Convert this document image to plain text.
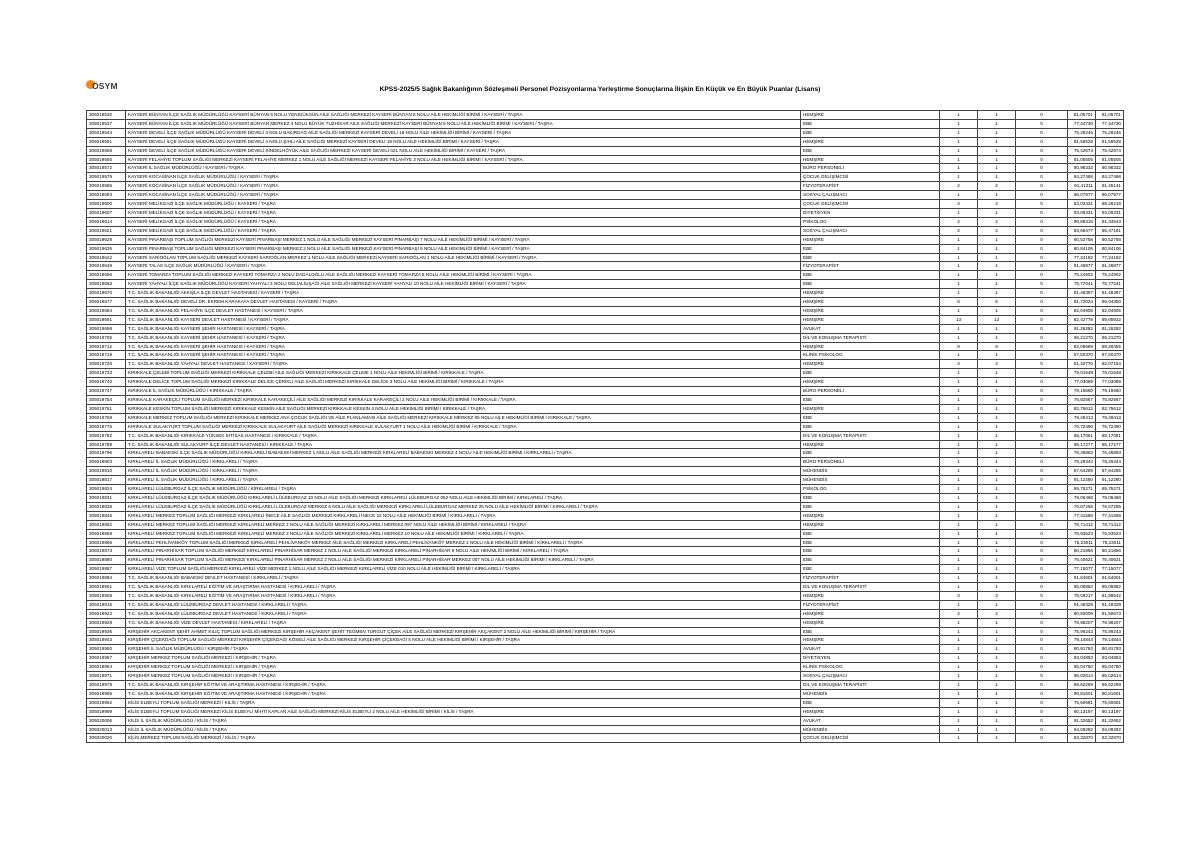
ÖSYM	KPSS-2025/5 Sağlık Bakanlığının Sözleşmeli Personel Pozisyonlarına Yerleştirme Sonuçlarına İlişkin En Küçük ve En Büyük Puanlar (Lisans)
305019530	KAYSERİ BÜNYAN İLÇE SAĞLIK MÜDÜRLÜĞÜ KAYSERİ BÜNYAN 5 NOLU YENİGÜKSÜN AİLE SAĞLIĞI MERKEZİ KAYSERİ BÜNYAN 8 NOLU AİLE HEKİMLİĞİ BİRİMİ / KAYSERİ / TAŞRA	HEMŞİRE	1	1	0	81,05701	81,05701
305019537	KAYSERİ BÜNYAN İLÇE SAĞLIK MÜDÜRLÜĞÜ KAYSERİ BÜNYAN MERKEZ 4 NOLU BÜYÜK TUZHİSAR AİLE SAĞLIĞI MERKEZİ KAYSERİ BÜNYAN 9 NOLU AİLE HEKİMLİĞİ BİRİMİ / KAYSERİ / TAŞRA	EBE	1	1	0	77,44730	77,44730
305019544	KAYSERİ DEVELİ İLÇE SAĞLIK MÜDÜRLÜĞÜ KAYSERİ DEVELİ 3 NOLU BAKIRDAĞ AİLE SAĞLIĞI MERKEZİ KAYSERİ DEVELİ 18 NOLU AİLE HEKİMLİĞİ BİRİMİ / KAYSERİ / TAŞRA	EBE	1	1	0	75,28246	75,28246
305019551	KAYSERİ DEVELİ İLÇE SAĞLIK MÜDÜRLÜĞÜ KAYSERİ DEVELİ 4 NOLU ŞIHLI AİLE SAĞLIĞI MERKEZİ KAYSERİ DEVELİ 19 NOLU AİLE HEKİMLİĞİ BİRİMİ / KAYSERİ / TAŞRA	HEMŞİRE	1	1	0	81,58528	81,58528
305019558	KAYSERİ DEVELİ İLÇE SAĞLIK MÜDÜRLÜĞÜ KAYSERİ DEVELİ SİNDELHÖYÜK AİLE SAĞLIĞI MERKEZİ KAYSERİ DEVELİ 021 NOLU AİLE HEKİMLİĞİ BİRİMİ / KAYSERİ / TAŞRA	EBE	1	1	0	75,42674	75,42674
305019565	KAYSERİ FELAHİYE TOPLUM SAĞLIĞI MERKEZİ KAYSERİ FELAHİYE MERKEZ 1 NOLU AİLE SAĞLIĞI MERKEZİ KAYSERİ FELAHİYE 3 NOLU AİLE HEKİMLİĞİ BİRİMİ / KAYSERİ / TAŞRA	HEMŞİRE	1	1	0	81,05505	81,05505
305019572	KAYSERİ İL SAĞLIK MÜDÜRLÜĞÜ / KAYSERİ / TAŞRA	BÜRO PERSONELİ	1	1	0	80,98332	80,98332
305019579	KAYSERİ KOCASİNAN İLÇE SAĞLIK MÜDÜRLÜĞÜ / KAYSERİ / TAŞRA	ÇOCUK GELİŞİMCİSİ	1	1	0	84,27468	84,27468
305019586	KAYSERİ KOCASİNAN İLÇE SAĞLIK MÜDÜRLÜĞÜ / KAYSERİ / TAŞRA	FİZYOTERAPİST	2	2	0	91,41311	91,45141
305019593	KAYSERİ KOCASİNAN İLÇE SAĞLIK MÜDÜRLÜĞÜ / KAYSERİ / TAŞRA	SOSYAL ÇALIŞMACI	1	1	0	86,07977	86,07977
305019600	KAYSERİ MELİKGAZİ İLÇE SAĞLIK MÜDÜRLÜĞÜ / KAYSERİ / TAŞRA	ÇOCUK GELİŞİMCİSİ	4	4	0	83,03431	88,26218
305019607	KAYSERİ MELİKGAZİ İLÇE SAĞLIK MÜDÜRLÜĞÜ / KAYSERİ / TAŞRA	DİYETİSYEN	1	1	0	93,09331	93,09331
305019614	KAYSERİ MELİKGAZİ İLÇE SAĞLIK MÜDÜRLÜĞÜ / KAYSERİ / TAŞRA	PSİKOLOG	2	2	0	90,88315	91,34543
305019621	KAYSERİ MELİKGAZİ İLÇE SAĞLIK MÜDÜRLÜĞÜ / KAYSERİ / TAŞRA	SOSYAL ÇALIŞMACI	2	2	0	83,66477	86,47181
305019628	KAYSERİ PINARBAŞI TOPLUM SAĞLIĞI MERKEZİ KAYSERİ PINARBAŞI MERKEZ 1 NOLU AİLE SAĞLIĞI MERKEZİ KAYSERİ PINARBAŞI 7 NOLU AİLE HEKİMLİĞİ BİRİMİ / KAYSERİ / TAŞRA	HEMŞİRE	1	1	0	80,52758	80,52758
305019635	KAYSERİ PINARBAŞI TOPLUM SAĞLIĞI MERKEZİ KAYSERİ PINARBAŞI MERKEZ 2 NOLU AİLE SAĞLIĞI MERKEZİ KAYSERİ PINARBAŞI 9 NOLU AİLE HEKİMLİĞİ BİRİMİ / KAYSERİ / TAŞRA	EBE	1	1	0	80,84106	80,84106
305019642	KAYSERİ SARIOĞLAN TOPLUM SAĞLIĞI MERKEZİ KAYSERİ SARIOĞLAN MERKEZ 1 NOLU AİLE SAĞLIĞI MERKEZİ KAYSERİ SARIOĞLAN 1 NOLU AİLE HEKİMLİĞİ BİRİMİ / KAYSERİ / TAŞRA	EBE	1	1	0	77,24182	77,24182
305019649	KAYSERİ TALAS İLÇE SAĞLIK MÜDÜRLÜĞÜ / KAYSERİ / TAŞRA	FİZYOTERAPİST	1	1	0	91,46877	91,46877
305019656	KAYSERİ TOMARZA TOPLUM SAĞLIĞI MERKEZİ KAYSERİ TOMARZA 2 NOLU DADALOĞLU AİLE SAĞLIĞI MERKEZİ KAYSERİ TOMARZA 8 NOLU AİLE HEKİMLİĞİ BİRİMİ / KAYSERİ / TAŞRA	EBE	1	1	0	75,24902	75,24902
305019663	KAYSERİ YAHYALI İLÇE SAĞLIK MÜDÜRLÜĞÜ KAYSERİ YAHYALI 3 NOLU DELİALİUŞAĞI AİLE SAĞLIĞI MERKEZİ KAYSERİ YAHYALI 10 NOLU AİLE HEKİMLİĞİ BİRİMİ / KAYSERİ / TAŞRA	EBE	1	1	0	75,77041	75,77041
305019670	T.C. SAĞLIK BAKANLIĞI AKKIŞLA İLÇE DEVLET HASTANESİ / KAYSERİ / TAŞRA	HEMŞİRE	1	1	0	81,46397	81,46397
305019677	T.C. SAĞLIK BAKANLIĞI DEVELİ DR. EKREM KARAKAYA DEVLET HASTANESİ / KAYSERİ / TAŞRA	HEMŞİRE	5	5	0	81,72024	86,04350
305019684	T.C. SAĞLIK BAKANLIĞI FELAHİYE İLÇE DEVLET HASTANESİ / KAYSERİ / TAŞRA	HEMŞİRE	1	1	0	82,04905	82,04905
305019691	T.C. SAĞLIK BAKANLIĞI KAYSERİ DEVLET HASTANESİ / KAYSERİ / TAŞRA	HEMŞİRE	13	13	0	82,42778	89,65922
305019698	T.C. SAĞLIK BAKANLIĞI KAYSERİ ŞEHİR HASTANESİ / KAYSERİ / TAŞRA	AVUKAT	1	1	0	91,26282	91,26282
305019705	T.C. SAĞLIK BAKANLIĞI KAYSERİ ŞEHİR HASTANESİ / KAYSERİ / TAŞRA	DİL VE KONUŞMA TERAPİSTİ	1	1	0	86,21270	86,21270
305019712	T.C. SAĞLIK BAKANLIĞI KAYSERİ ŞEHİR HASTANESİ / KAYSERİ / TAŞRA	HEMŞİRE	8	8	0	82,08688	89,28455
305019719	T.C. SAĞLIK BAKANLIĞI KAYSERİ ŞEHİR HASTANESİ / KAYSERİ / TAŞRA	KLİNİK PSİKOLOG	1	1	0	87,50370	87,50370
305019726	T.C. SAĞLIK BAKANLIĞI YAHYALI DEVLET HASTANESİ / KAYSERİ / TAŞRA	HEMŞİRE	4	4	0	81,42770	82,07154
305019733	KIRIKKALE ÇELEBİ TOPLUM SAĞLIĞI MERKEZİ KIRIKKALE ÇELEBİ AİLE SAĞLIĞI MERKEZİ KIRIKKALE ÇELEBİ 1 NOLU AİLE HEKİMLİĞİ BİRİMİ / KIRIKKALE / TAŞRA	EBE	1	1	0	79,01548	79,01548
305019740	KIRIKKALE DELİCE TOPLUM SAĞLIĞI MERKEZİ KIRIKKALE DELİCE ÇERİKLİ AİLE SAĞLIĞI MERKEZİ KIRIKKALE DELİCE 3 NOLU AİLE HEKİMLİĞİ BİRİMİ / KIRIKKALE / TAŞRA	HEMŞİRE	1	1	0	77,03089	77,03089
305019747	KIRIKKALE İL SAĞLIK MÜDÜRLÜĞÜ / KIRIKKALE / TAŞRA	BÜRO PERSONELİ	1	1	0	79,16660	79,16660
305019754	KIRIKKALE KARAKEÇİLİ TOPLUM SAĞLIĞI MERKEZİ KIRIKKALE KARAKEÇİLİ AİLE SAĞLIĞI MERKEZİ KIRIKKALE KARAKEÇİLİ 2 NOLU AİLE HEKİMLİĞİ BİRİMİ / KIRIKKALE / TAŞRA	EBE	1	1	0	76,82567	76,82567
305019761	KIRIKKALE KESKİN TOPLUM SAĞLIĞI MERKEZİ KIRIKKALE KESKİN AİLE SAĞLIĞI MERKEZİ KIRIKKALE KESKİN 4 NOLU AİLE HEKİMLİĞİ BİRİMİ / KIRIKKALE / TAŞRA	HEMŞİRE	1	1	0	82,75612	82,75612
305019768	KIRIKKALE MERKEZ TOPLUM SAĞLIĞI MERKEZİ KIRIKKALE MERKEZ ANA ÇOCUK SAĞLIĞI VE AİLE PLANLAMASI AİLE SAĞLIĞI MERKEZİ KIRIKKALE MERKEZ 65 NOLU AİLE HEKİMLİĞİ BİRİMİ / KIRIKKALE / TAŞRA	EBE	1	1	0	79,49413	79,49413
305019775	KIRIKKALE SULAKYURT TOPLUM SAĞLIĞI MERKEZİ KIRIKKALE SULAKYURT AİLE SAĞLIĞI MERKEZİ KIRIKKALE SULAKYURT 1 NOLU AİLE HEKİMLİĞİ BİRİMİ / KIRIKKALE / TAŞRA	EBE	1	1	0	76,72490	76,72490
305019782	T.C. SAĞLIK BAKANLIĞI KIRIKKALE YÜKSEK İHTİSAS HASTANESİ / KIRIKKALE / TAŞRA	DİL VE KONUŞMA TERAPİSTİ	1	1	0	85,17081	85,17081
305019789	T.C. SAĞLIK BAKANLIĞI SULAKYURT İLÇE DEVLET HASTANESİ / KIRIKKALE / TAŞRA	HEMŞİRE	1	1	0	85,17277	85,17277
305019796	KIRKLARELİ BABAESKİ İLÇE SAĞLIK MÜDÜRLÜĞÜ KIRKLARELİ BABAESKİ MERKEZ 1 NOLU AİLE SAĞLIĞI MERKEZİ KIRKLARELİ BABAESKİ MERKEZ 4 NOLU AİLE HEKİMLİĞİ BİRİMİ / KIRKLARELİ / TAŞRA	EBE	1	1	0	76,46863	76,46863
305019803	KIRKLARELİ İL SAĞLIK MÜDÜRLÜĞÜ / KIRKLARELİ / TAŞRA	BÜRO PERSONELİ	1	1	0	78,29344	78,29344
305019810	KIRKLARELİ İL SAĞLIK MÜDÜRLÜĞÜ / KIRKLARELİ / TAŞRA	MÜHENDİS	1	1	0	87,64265	87,64265
305019817	KIRKLARELİ İL SAĞLIK MÜDÜRLÜĞÜ / KIRKLARELİ / TAŞRA	MÜHENDİS	1	1	0	91,12280	91,12280
305019824	KIRKLARELİ LÜLEBURGAZ İLÇE SAĞLIK MÜDÜRLÜĞÜ / KIRKLARELİ / TAŞRA	PSİKOLOG	1	1	0	89,75271	89,75271
305019831	KIRKLARELİ LÜLEBURGAZ İLÇE SAĞLIK MÜDÜRLÜĞÜ KIRKLARELİ LÜLEBURGAZ 10 NOLU AİLE SAĞLIĞI MERKEZİ KIRKLARELİ LÜLEBURGAZ 052 NOLU AİLE HEKİMLİĞİ BİRİMİ / KIRKLARELİ / TAŞRA	EBE	1	1	0	79,06468	79,06468
305019838	KIRKLARELİ LÜLEBURGAZ İLÇE SAĞLIK MÜDÜRLÜĞÜ KIRKLARELİ LÜLEBURGAZ MERKEZ 6 NOLU AİLE SAĞLIĞI MERKEZİ KIRKLARELİ LÜLEBURGAZ MERKEZ 25 NOLU AİLE HEKİMLİĞİ BİRİMİ / KIRKLARELİ / TAŞRA	EBE	1	1	0	76,67255	76,67255
305019845	KIRKLARELİ MERKEZ TOPLUM SAĞLIĞI MERKEZİ KIRKLARELİ İNECE AİLE SAĞLIĞI MERKEZİ KIRKLARELİ İNECE 22 NOLU AİLE HEKİMLİĞİ BİRİMİ / KIRKLARELİ / TAŞRA	HEMŞİRE	1	1	0	77,41589	77,41589
305019852	KIRKLARELİ MERKEZ TOPLUM SAĞLIĞI MERKEZİ KIRKLARELİ MERKEZ 2 NOLU AİLE SAĞLIĞI MERKEZİ KIRKLARELİ MERKEZ 097 NOLU AİLE HEKİMLİĞİ BİRİMİ / KIRKLARELİ / TAŞRA	HEMŞİRE	1	1	0	78,71412	78,71412
305019859	KIRKLARELİ MERKEZ TOPLUM SAĞLIĞI MERKEZİ KIRKLARELİ MERKEZ 2 NOLU AİLE SAĞLIĞI MERKEZİ KIRKLARELİ MERKEZ 10 NOLU AİLE HEKİMLİĞİ BİRİMİ / KIRKLARELİ / TAŞRA	EBE	1	1	0	76,93523	76,93523
305019866	KIRKLARELİ PEHLİVANKÖY TOPLUM SAĞLIĞI MERKEZİ KIRKLARELİ PEHLİVANKÖY MERKEZ AİLE SAĞLIĞI MERKEZİ KIRKLARELİ PEHLİVANKÖY MERKEZ 1 NOLU AİLE HEKİMLİĞİ BİRİMİ / KIRKLARELİ / TAŞRA	EBE	1	1	0	75,23011	75,23011
305019873	KIRKLARELİ PINARHİSAR TOPLUM SAĞLIĞI MERKEZİ KIRKLARELİ PINARHİSAR MERKEZ 1 NOLU AİLE SAĞLIĞI MERKEZİ KIRKLARELİ PINARHİSAR 6 NOLU AİLE HEKİMLİĞİ BİRİMİ / KIRKLARELİ / TAŞRA	EBE	1	1	0	80,21856	80,21856
305019880	KIRKLARELİ PINARHİSAR TOPLUM SAĞLIĞI MERKEZİ KIRKLARELİ PINARHİSAR MERKEZ 2 NOLU AİLE SAĞLIĞI MERKEZİ KIRKLARELİ PINARHİSAR MERKEZ 007 NOLU AİLE HEKİMLİĞİ BİRİMİ / KIRKLARELİ / TAŞRA	EBE	1	1	0	76,40621	76,40621
305019887	KIRKLARELİ VİZE TOPLUM SAĞLIĞI MERKEZİ KIRKLARELİ VİZE MERKEZ 1 NOLU AİLE SAĞLIĞI MERKEZİ KIRKLARELİ VİZE 010 NOLU AİLE HEKİMLİĞİ BİRİMİ / KIRKLARELİ / TAŞRA	EBE	1	1	0	77,15077	77,15077
305019894	T.C. SAĞLIK BAKANLIĞI BABAESKİ DEVLET HASTANESİ / KIRKLARELİ / TAŞRA	FİZYOTERAPİST	1	1	0	91,64601	91,64601
305019901	T.C. SAĞLIK BAKANLIĞI KIRKLARELİ EĞİTİM VE ARAŞTIRMA HASTANESİ / KIRKLARELİ / TAŞRA	DİL VE KONUŞMA TERAPİSTİ	1	1	0	85,06882	85,06882
305019908	T.C. SAĞLIK BAKANLIĞI KIRKLARELİ EĞİTİM VE ARAŞTIRMA HASTANESİ / KIRKLARELİ / TAŞRA	HEMŞİRE	3	3	0	78,09217	81,99542
305019915	T.C. SAĞLIK BAKANLIĞI LÜLEBURGAZ DEVLET HASTANESİ / KIRKLARELİ / TAŞRA	FİZYOTERAPİST	1	1	0	91,49329	91,49329
305019922	T.C. SAĞLIK BAKANLIĞI LÜLEBURGAZ DEVLET HASTANESİ / KIRKLARELİ / TAŞRA	HEMŞİRE	2	2	0	80,92009	81,50673
305019929	T.C. SAĞLIK BAKANLIĞI VİZE DEVLET HASTANESİ / KIRKLARELİ / TAŞRA	HEMŞİRE	1	1	0	78,98207	78,98207
305019936	KIRŞEHİR AKÇAKENT ŞEHİT AHMET KILIÇ TOPLUM SAĞLIĞI MERKEZİ KIRŞEHİR AKÇAKENT ŞEHİT TEĞMEN TURGUT ÇİÇEK AİLE SAĞLIĞI MERKEZİ KIRŞEHİR AKÇAKENT 2 NOLU AİLE HEKİMLİĞİ BİRİMİ / KIRŞEHİR / TAŞRA	EBE	1	1	0	75,99243	75,99243
305019943	KIRŞEHİR ÇİÇEKDAĞI TOPLUM SAĞLIĞI MERKEZİ KIRŞEHİR ÇİÇEKDAĞI KÖSELİ AİLE SAĞLIĞI MERKEZİ KIRŞEHİR ÇİÇEKDAĞI 5 NOLU AİLE HEKİMLİĞİ BİRİMİ / KIRŞEHİR / TAŞRA	HEMŞİRE	1	1	0	79,14844	79,14844
305019950	KIRŞEHİR İL SAĞLIK MÜDÜRLÜĞÜ / KIRŞEHİR / TAŞRA	AVUKAT	1	1	0	90,91793	90,91793
305019957	KIRŞEHİR MERKEZ TOPLUM SAĞLIĞI MERKEZİ / KIRŞEHİR / TAŞRA	DİYETİSYEN	1	1	0	93,04853	93,04853
305019964	KIRŞEHİR MERKEZ TOPLUM SAĞLIĞI MERKEZİ / KIRŞEHİR / TAŞRA	KLİNİK PSİKOLOG	1	1	0	85,04780	85,04780
305019971	KIRŞEHİR MERKEZ TOPLUM SAĞLIĞI MERKEZİ / KIRŞEHİR / TAŞRA	SOSYAL ÇALIŞMACI	1	1	0	86,02614	86,02614
305019978	T.C. SAĞLIK BAKANLIĞI KIRŞEHİR EĞİTİM VE ARAŞTIRMA HASTANESİ / KIRŞEHİR / TAŞRA	DİL VE KONUŞMA TERAPİSTİ	1	1	0	89,62299	89,62299
305019985	T.C. SAĞLIK BAKANLIĞI KIRŞEHİR EĞİTİM VE ARAŞTIRMA HASTANESİ / KIRŞEHİR / TAŞRA	MÜHENDİS	1	1	0	90,81601	90,81601
305019992	KİLİS ELBEYLİ TOPLUM SAĞLIĞI MERKEZİ / KİLİS / TAŞRA	EBE	1	1	0	75,60681	75,60681
305019999	KİLİS ELBEYLİ TOPLUM SAĞLIĞI MERKEZİ KİLİS ELBEYLİ MİHTİ KAPLAN AİLE SAĞLIĞI MERKEZİ KİLİS ELBEYLİ 2 NOLU AİLE HEKİMLİĞİ BİRİMİ / KİLİS / TAŞRA	HEMŞİRE	1	1	0	80,13197	80,13197
305020006	KİLİS İL SAĞLIK MÜDÜRLÜĞÜ / KİLİS / TAŞRA	AVUKAT	1	1	0	91,32652	91,32652
305020013	KİLİS İL SAĞLIK MÜDÜRLÜĞÜ / KİLİS / TAŞRA	MÜHENDİS	1	1	0	94,09282	94,09282
305020020	KİLİS MERKEZ TOPLUM SAĞLIĞI MERKEZİ / KİLİS / TAŞRA	ÇOCUK GELİŞİMCİSİ	1	1	0	83,32870	83,32870
